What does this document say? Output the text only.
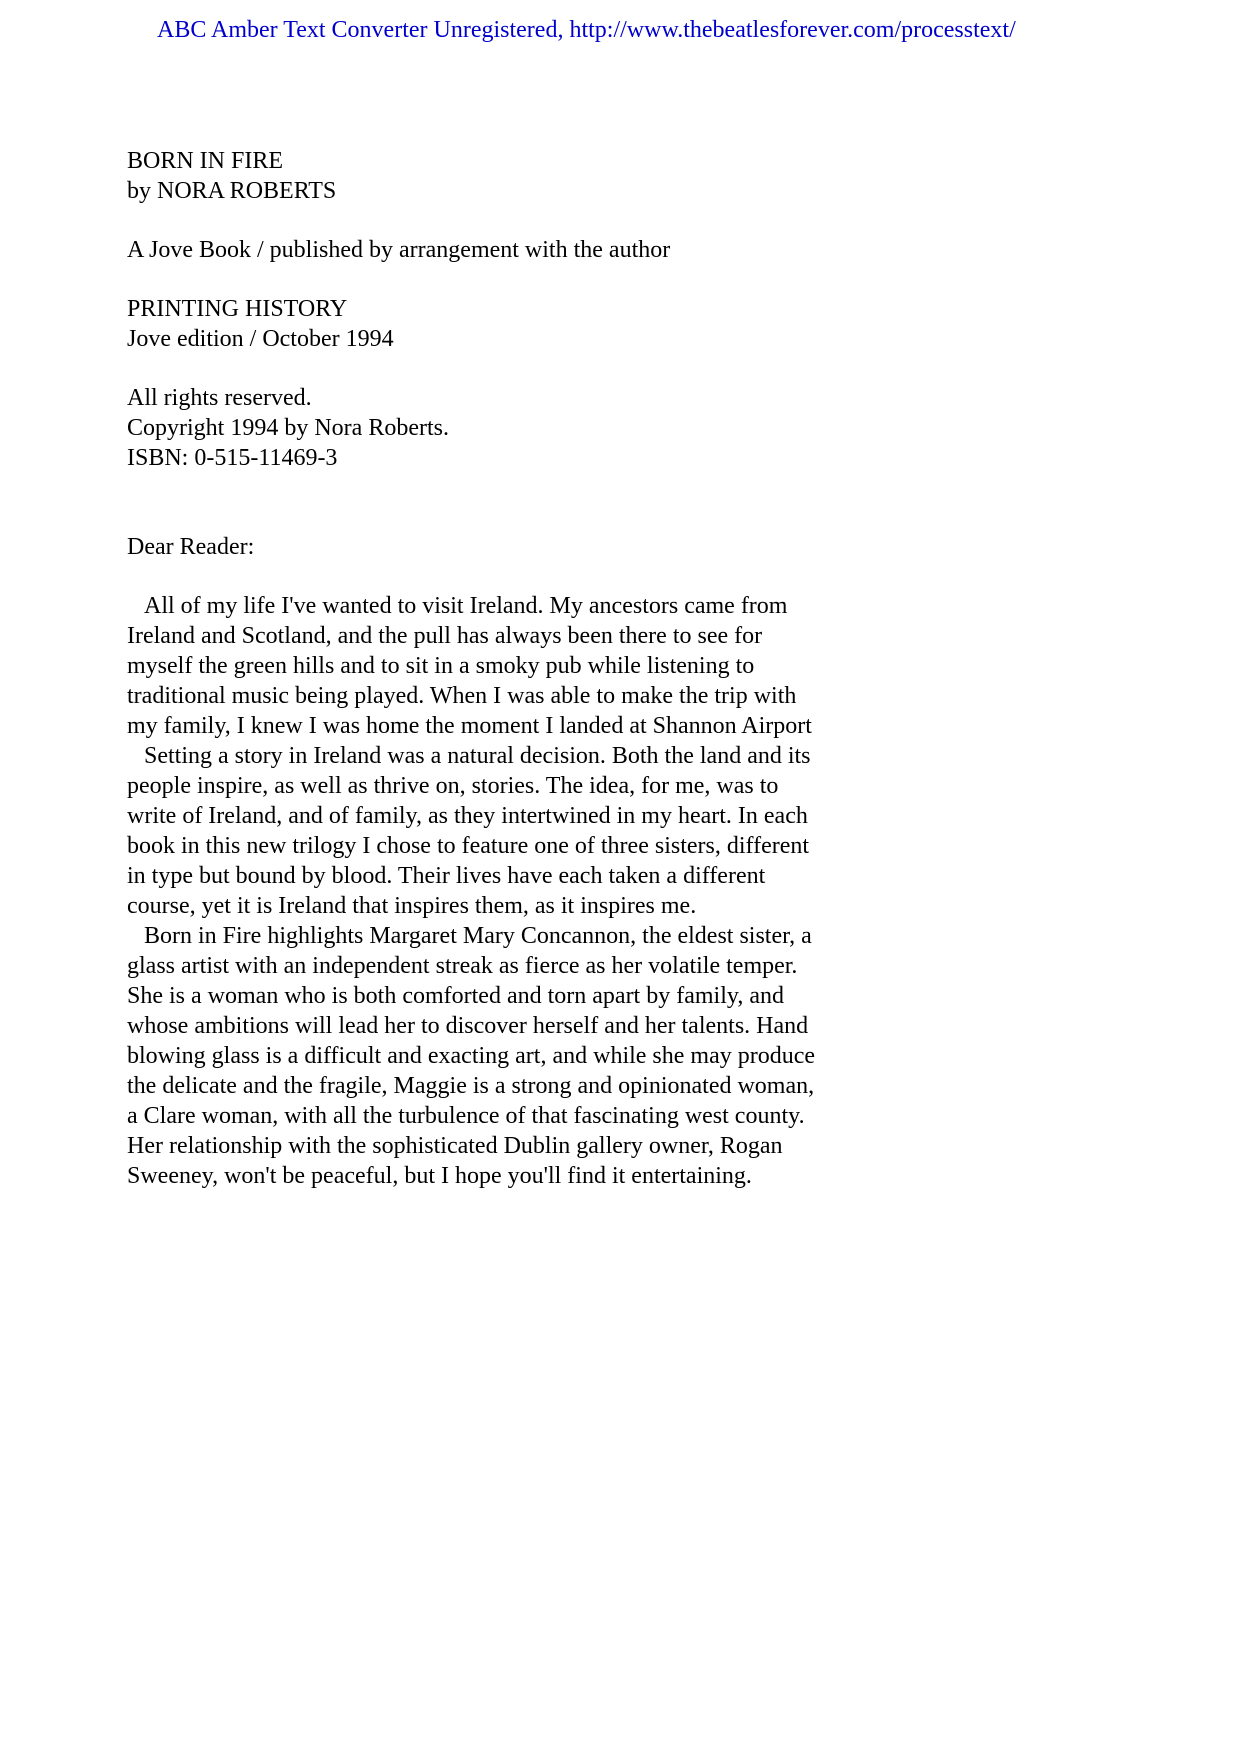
ABC Amber Text Converter Unregistered, http://www.thebeatlesforever.com/processtext/
BORN IN FIRE
by NORA ROBERTS
A Jove Book / published by arrangement with the author
PRINTING HISTORY
Jove edition / October 1994
All rights reserved.
Copyright 1994 by Nora Roberts.
ISBN: 0-515-11469-3
Dear Reader:
All of my life I've wanted to visit Ireland. My ancestors came from
Ireland and Scotland, and the pull has always been there to see for
myself the green hills and to sit in a smoky pub while listening to
traditional music being played. When I was able to make the trip with
my family, I knew I was home the moment I landed at Shannon Airport
Setting a story in Ireland was a natural decision. Both the land and its
people inspire, as well as thrive on, stories. The idea, for me, was to
write of Ireland, and of family, as they intertwined in my heart. In each
book in this new trilogy I chose to feature one of three sisters, different
in type but bound by blood. Their lives have each taken a different
course, yet it is Ireland that inspires them, as it inspires me.
Born in Fire highlights Margaret Mary Concannon, the eldest sister, a
glass artist with an independent streak as fierce as her volatile temper.
She is a woman who is both comforted and torn apart by family, and
whose ambitions will lead her to discover herself and her talents. Hand
blowing glass is a difficult and exacting art, and while she may produce
the delicate and the fragile, Maggie is a strong and opinionated woman,
a Clare woman, with all the turbulence of that fascinating west county.
Her relationship with the sophisticated Dublin gallery owner, Rogan
Sweeney, won't be peaceful, but I hope you'll find it entertaining.
